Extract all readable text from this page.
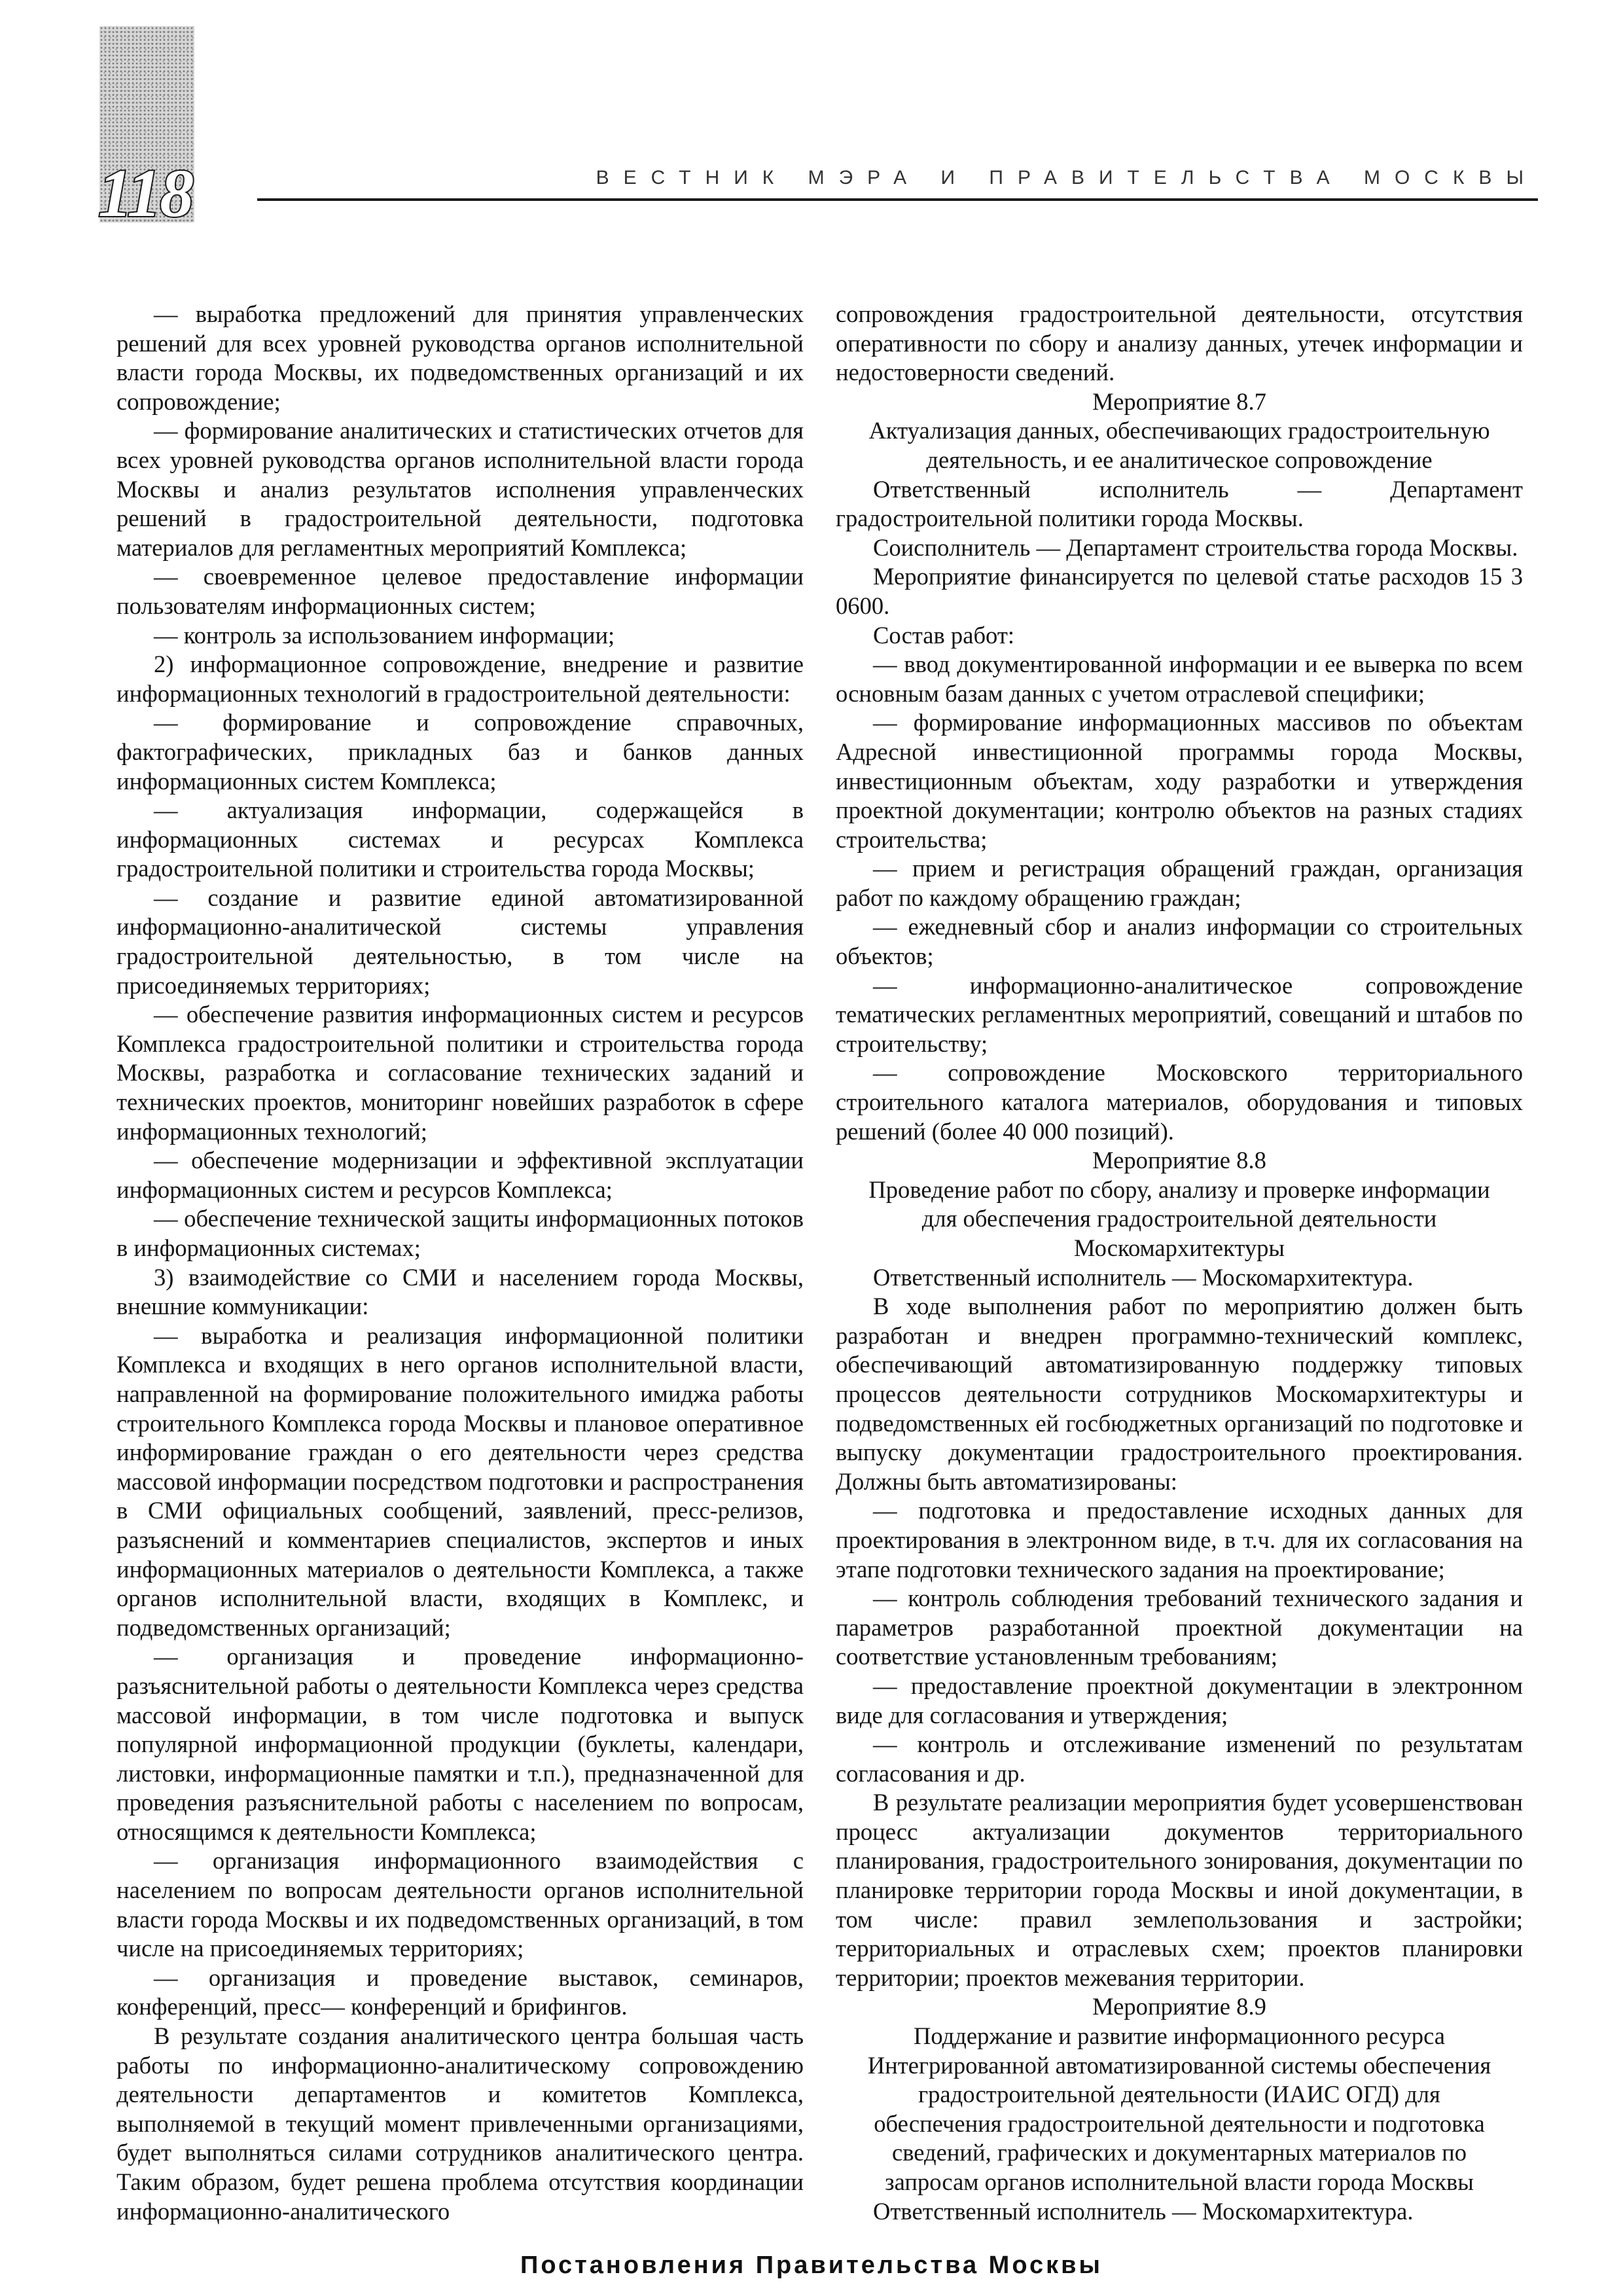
118	ВЕСТНИК МЭРА И ПРАВИТЕЛЬСТВА МОСКВЫ

— выработка предложений для принятия управленческих решений для всех уровней руководства органов исполнительной власти города Москвы, их подведомственных организаций и их сопровождение;

— формирование аналитических и статистических отчетов для всех уровней руководства органов исполнительной власти города Москвы и анализ результатов исполнения управленческих решений в градостроительной деятельности, подготовка материалов для регламентных мероприятий Комплекса;

— своевременное целевое предоставление информации пользователям информационных систем;

— контроль за использованием информации;

2) информационное сопровождение, внедрение и развитие информационных технологий в градостроительной деятельности:

— формирование и сопровождение справочных, фактографических, прикладных баз и банков данных информационных систем Комплекса;

— актуализация информации, содержащейся в информационных системах и ресурсах Комплекса градостроительной политики и строительства города Москвы;

— создание и развитие единой автоматизированной информационно-аналитической системы управления градостроительной деятельностью, в том числе на присоединяемых территориях;

— обеспечение развития информационных систем и ресурсов Комплекса градостроительной политики и строительства города Москвы, разработка и согласование технических заданий и технических проектов, мониторинг новейших разработок в сфере информационных технологий;

— обеспечение модернизации и эффективной эксплуатации информационных систем и ресурсов Комплекса;

— обеспечение технической защиты информационных потоков в информационных системах;

3) взаимодействие со СМИ и населением города Москвы, внешние коммуникации:

— выработка и реализация информационной политики Комплекса и входящих в него органов исполнительной власти, направленной на формирование положительного имиджа работы строительного Комплекса города Москвы и плановое оперативное информирование граждан о его деятельности через средства массовой информации посредством подготовки и распространения в СМИ официальных сообщений, заявлений, пресс-релизов, разъяснений и комментариев специалистов, экспертов и иных информационных материалов о деятельности Комплекса, а также органов исполнительной власти, входящих в Комплекс, и подведомственных организаций;

— организация и проведение информационно-разъяснительной работы о деятельности Комплекса через средства массовой информации, в том числе подготовка и выпуск популярной информационной продукции (буклеты, календари, листовки, информационные памятки и т.п.), предназначенной для проведения разъяснительной работы с населением по вопросам, относящимся к деятельности Комплекса;

— организация информационного взаимодействия с населением по вопросам деятельности органов исполнительной власти города Москвы и их подведомственных организаций, в том числе на присоединяемых территориях;

— организация и проведение выставок, семинаров, конференций, пресс— конференций и брифингов.

В результате создания аналитического центра большая часть работы по информационно-аналитическому сопровождению деятельности департаментов и комитетов Комплекса, выполняемой в текущий момент привлеченными организациями, будет выполняться силами сотрудников аналитического центра. Таким образом, будет решена проблема отсутствия координации информационно-аналитического

сопровождения градостроительной деятельности, отсутствия оперативности по сбору и анализу данных, утечек информации и недостоверности сведений.

Мероприятие 8.7

Актуализация данных, обеспечивающих градостроительную деятельность, и ее аналитическое сопровождение

Ответственный исполнитель — Департамент градостроительной политики города Москвы.

Соисполнитель — Департамент строительства города Москвы.

Мероприятие финансируется по целевой статье расходов 15 3 0600.

Состав работ:

— ввод документированной информации и ее выверка по всем основным базам данных с учетом отраслевой специфики;

— формирование информационных массивов по объектам Адресной инвестиционной программы города Москвы, инвестиционным объектам, ходу разработки и утверждения проектной документации; контролю объектов на разных стадиях строительства;

— прием и регистрация обращений граждан, организация работ по каждому обращению граждан;

— ежедневный сбор и анализ информации со строительных объектов;

— информационно-аналитическое сопровождение тематических регламентных мероприятий, совещаний и штабов по строительству;

— сопровождение Московского территориального строительного каталога материалов, оборудования и типовых решений (более 40 000 позиций).

Мероприятие 8.8

Проведение работ по сбору, анализу и проверке информации для обеспечения градостроительной деятельности Москомархитектуры

Ответственный исполнитель — Москомархитектура.

В ходе выполнения работ по мероприятию должен быть разработан и внедрен программно-технический комплекс, обеспечивающий автоматизированную поддержку типовых процессов деятельности сотрудников Москомархитектуры и подведомственных ей госбюджетных организаций по подготовке и выпуску документации градостроительного проектирования. Должны быть автоматизированы:

— подготовка и предоставление исходных данных для проектирования в электронном виде, в т.ч. для их согласования на этапе подготовки технического задания на проектирование;

— контроль соблюдения требований технического задания и параметров разработанной проектной документации на соответствие установленным требованиям;

— предоставление проектной документации в электронном виде для согласования и утверждения;

— контроль и отслеживание изменений по результатам согласования и др.

В результате реализации мероприятия будет усовершенствован процесс актуализации документов территориального планирования, градостроительного зонирования, документации по планировке территории города Москвы и иной документации, в том числе: правил землепользования и застройки; территориальных и отраслевых схем; проектов планировки территории; проектов межевания территории.

Мероприятие 8.9

Поддержание и развитие информационного ресурса Интегрированной автоматизированной системы обеспечения градостроительной деятельности (ИАИС ОГД) для обеспечения градостроительной деятельности и подготовка сведений, графических и документарных материалов по запросам органов исполнительной власти города Москвы

Ответственный исполнитель — Москомархитектура.

Постановления Правительства Москвы
